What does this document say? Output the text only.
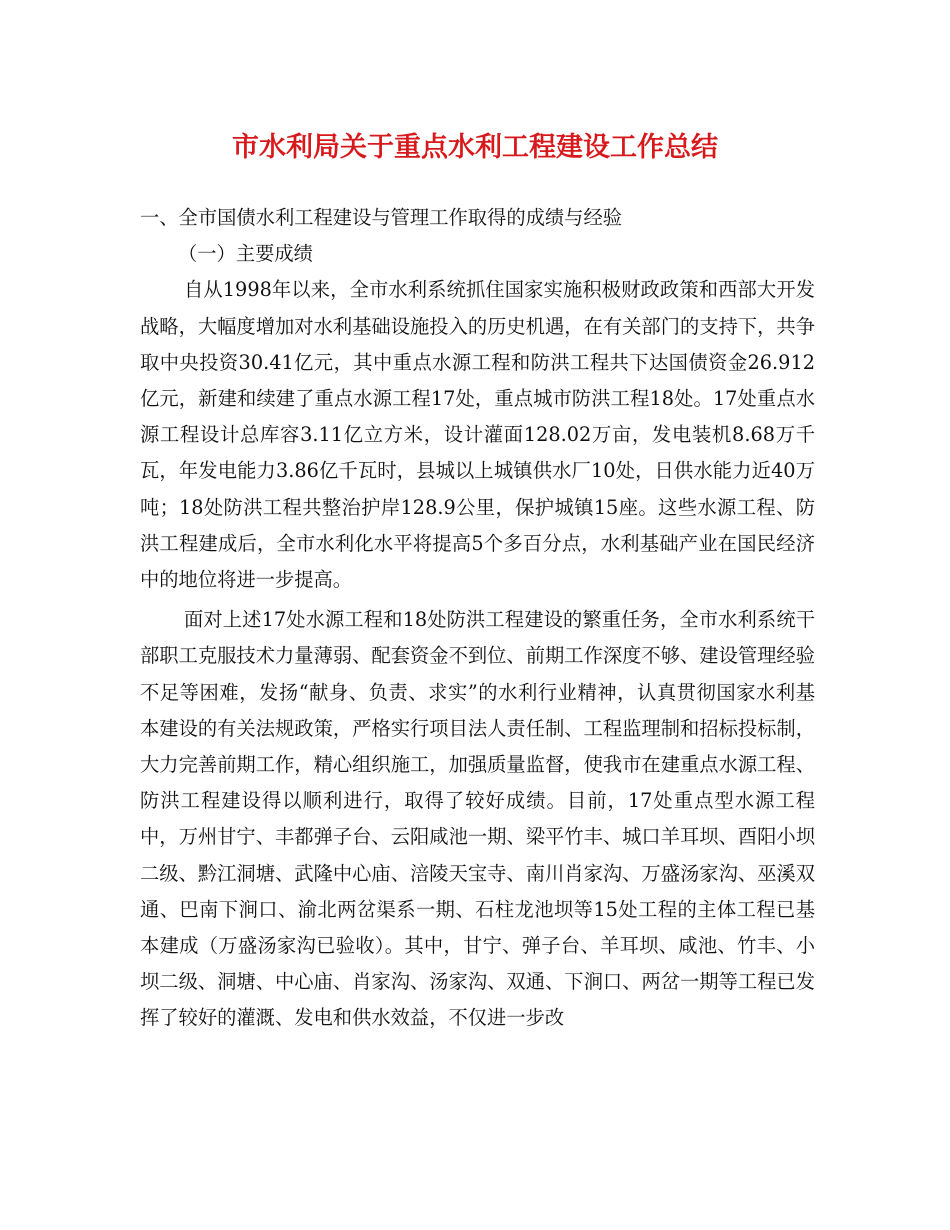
市水利局关于重点水利工程建设工作总结

一、全市国债水利工程建设与管理工作取得的成绩与经验

（一）主要成绩

自从1998年以来，全市水利系统抓住国家实施积极财政政策和西部大开发战略，大幅度增加对水利基础设施投入的历史机遇，在有关部门的支持下，共争取中央投资30.41亿元，其中重点水源工程和防洪工程共下达国债资金26.912亿元，新建和续建了重点水源工程17处，重点城市防洪工程18处。17处重点水源工程设计总库容3.11亿立方米，设计灌面128.02万亩，发电装机8.68万千瓦，年发电能力3.86亿千瓦时，县城以上城镇供水厂10处，日供水能力近40万吨；18处防洪工程共整治护岸128.9公里，保护城镇15座。这些水源工程、防洪工程建成后，全市水利化水平将提高5个多百分点，水利基础产业在国民经济中的地位将进一步提高。

面对上述17处水源工程和18处防洪工程建设的繁重任务，全市水利系统干部职工克服技术力量薄弱、配套资金不到位、前期工作深度不够、建设管理经验不足等困难，发扬“献身、负责、求实”的水利行业精神，认真贯彻国家水利基本建设的有关法规政策，严格实行项目法人责任制、工程监理制和招标投标制，大力完善前期工作，精心组织施工，加强质量监督，使我市在建重点水源工程、防洪工程建设得以顺利进行，取得了较好成绩。目前，17处重点型水源工程中，万州甘宁、丰都弹子台、云阳咸池一期、梁平竹丰、城口羊耳坝、酉阳小坝二级、黔江洞塘、武隆中心庙、涪陵天宝寺、南川肖家沟、万盛汤家沟、巫溪双通、巴南下涧口、渝北两岔渠系一期、石柱龙池坝等15处工程的主体工程已基本建成（万盛汤家沟已验收）。其中，甘宁、弹子台、羊耳坝、咸池、竹丰、小坝二级、洞塘、中心庙、肖家沟、汤家沟、双通、下涧口、两岔一期等工程已发挥了较好的灌溉、发电和供水效益，不仅进一步改
